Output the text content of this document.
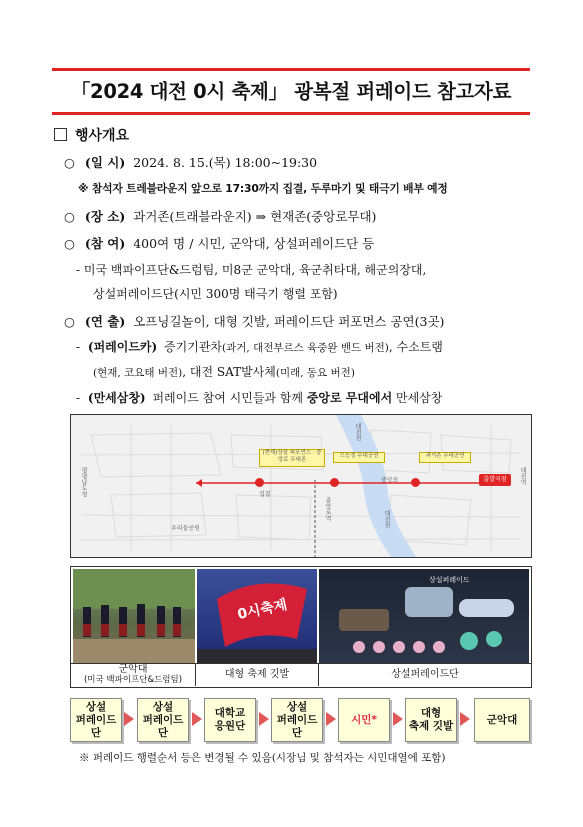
「2024 대전 0시 축제」 광복절 퍼레이드 참고자료
행사개요
○ (일 시) 2024. 8. 15.(목) 18:00~19:30
※ 참석자 트레블라운지 앞으로 17:30까지 집결, 두루마기 및 태극기 배부 예정
○ (장 소) 과거존(트래블라운지) ⇒ 현재존(중앙로무대)
○ (참 여) 400여 명 / 시민, 군악대, 상설퍼레이드단 등
- 미국 백파이프단&드럼팀, 미8군 군악대, 육군취타대, 해군의장대,
상설퍼레이드단(시민 300명 태극기 행렬 포함)
○ (연 출) 오프닝길놀이, 대형 깃발, 퍼레이드단 퍼포먼스 공연(3곳)
- (퍼레이드카) 증기기관차(과거, 대전부르스 육중완 밴드 버전), 수소트램
(현재, 코요태 버전), 대전 SAT발사체(미래, 동요 버전)
- (만세삼창) 퍼레이드 참여 시민들과 함께 중앙로 무대에서 만세삼창
평평남도청	대전역
(현재)상설 퍼포먼스 · 중앙로 무대존
으능정 무대공연	과거존 무대공연
출발지점
집결
중앙로
대전천
중앙로역
대전천
우리들공원
0시축제
상설퍼레이드
군악대
(미국 백파이프단&드럼팀)	대형 축제 깃발	상설퍼레이드단
상설
퍼레이드단
상설
퍼레이드단
대학교
응원단
상설
퍼레이드단
시민*
대형
축제 깃발
군악대
※ 퍼레이드 행렬순서 등은 변경될 수 있음(시장님 및 참석자는 시민대열에 포함)
